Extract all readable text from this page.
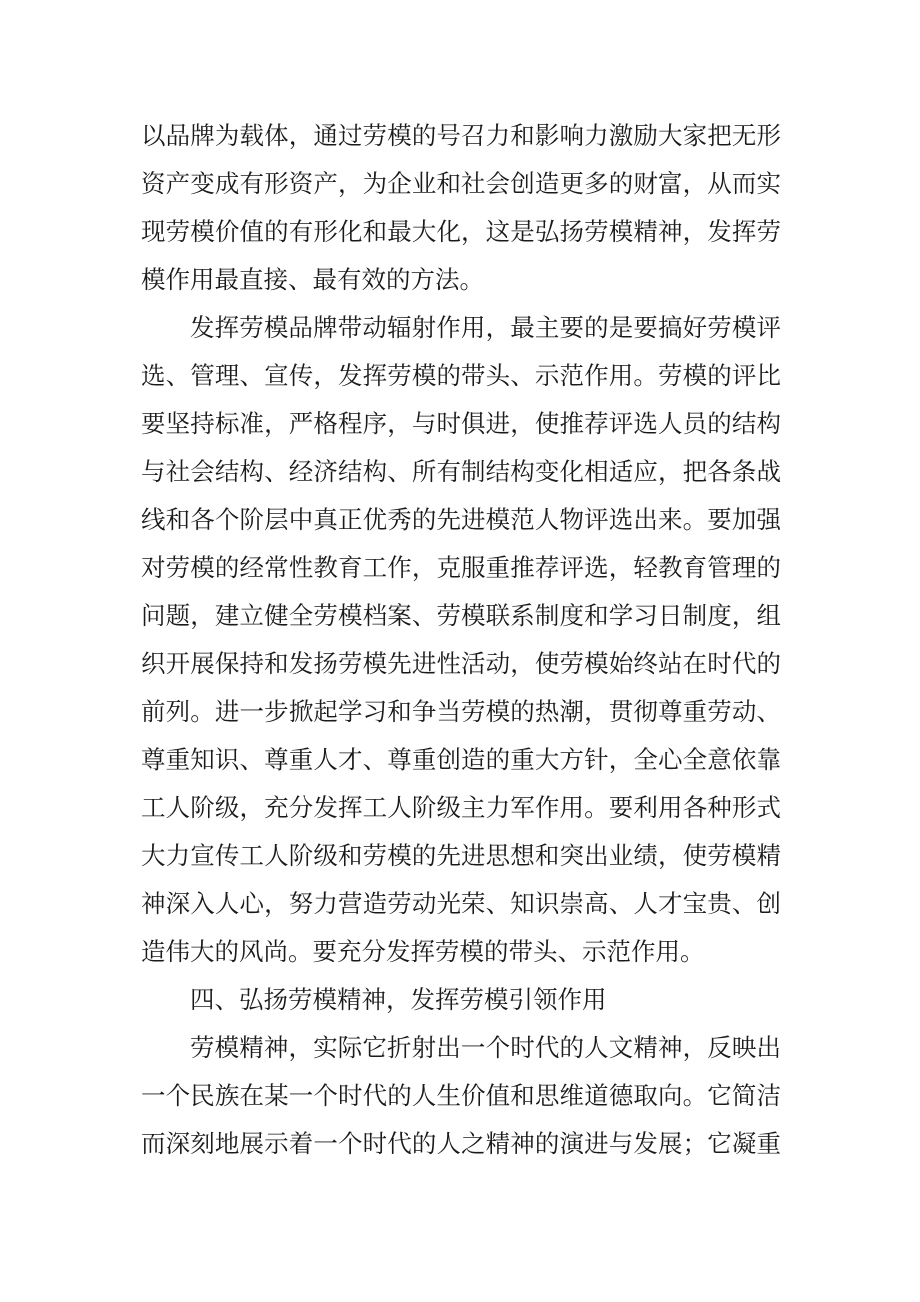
以品牌为载体，通过劳模的号召力和影响力激励大家把无形
资产变成有形资产，为企业和社会创造更多的财富，从而实
现劳模价值的有形化和最大化，这是弘扬劳模精神，发挥劳
模作用最直接、最有效的方法。
发挥劳模品牌带动辐射作用，最主要的是要搞好劳模评
选、管理、宣传，发挥劳模的带头、示范作用。劳模的评比
要坚持标准，严格程序，与时俱进，使推荐评选人员的结构
与社会结构、经济结构、所有制结构变化相适应，把各条战
线和各个阶层中真正优秀的先进模范人物评选出来。要加强
对劳模的经常性教育工作，克服重推荐评选，轻教育管理的
问题，建立健全劳模档案、劳模联系制度和学习日制度，组
织开展保持和发扬劳模先进性活动，使劳模始终站在时代的
前列。进一步掀起学习和争当劳模的热潮，贯彻尊重劳动、
尊重知识、尊重人才、尊重创造的重大方针，全心全意依靠
工人阶级，充分发挥工人阶级主力军作用。要利用各种形式
大力宣传工人阶级和劳模的先进思想和突出业绩，使劳模精
神深入人心，努力营造劳动光荣、知识崇高、人才宝贵、创
造伟大的风尚。要充分发挥劳模的带头、示范作用。
四、弘扬劳模精神，发挥劳模引领作用
劳模精神，实际它折射出一个时代的人文精神，反映出
一个民族在某一个时代的人生价值和思维道德取向。它简洁
而深刻地展示着一个时代的人之精神的演进与发展；它凝重
